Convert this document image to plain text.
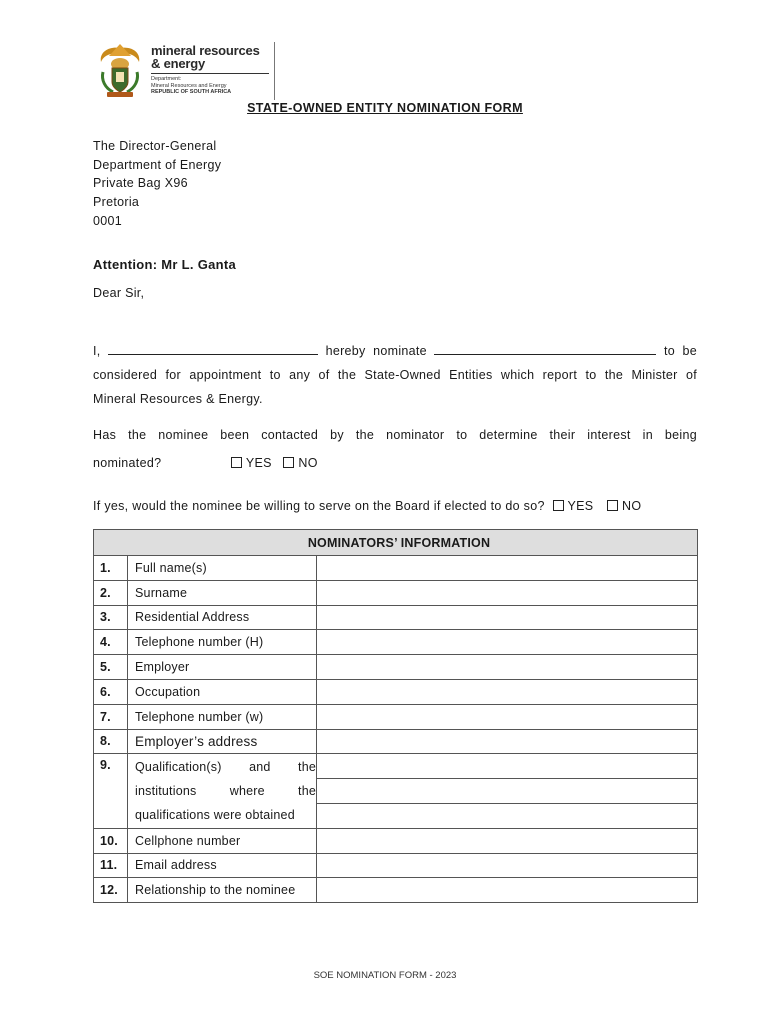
mineral resources
& energy
Department:
Mineral Resources and Energy
REPUBLIC OF SOUTH AFRICA
STATE-OWNED ENTITY NOMINATION FORM
The Director-General
Department of Energy
Private Bag X96
Pretoria
0001
Attention: Mr L. Ganta
Dear Sir,
I,	hereby nominate	to be
considered for appointment to any of the State-Owned Entities which report to the Minister of
Mineral Resources & Energy.
Has the nominee been contacted by the nominator to determine their interest in being
nominated?	YES NO
If yes, would the nominee be willing to serve on the Board if elected to do so? YES NO
NOMINATORS’ INFORMATION		
1.	Full name(s)	
2.	Surname	
3.	Residential Address	
4.	Telephone number (H)	
5.	Employer	
6.	Occupation	
7.	Telephone number (w)	
8.	Employer’s address	
9.	Qualification(s) and the
institutions where the
qualifications were obtained	

10.	Cellphone number	
11.	Email address	
12.	Relationship to the nominee	
SOE NOMINATION FORM - 2023
